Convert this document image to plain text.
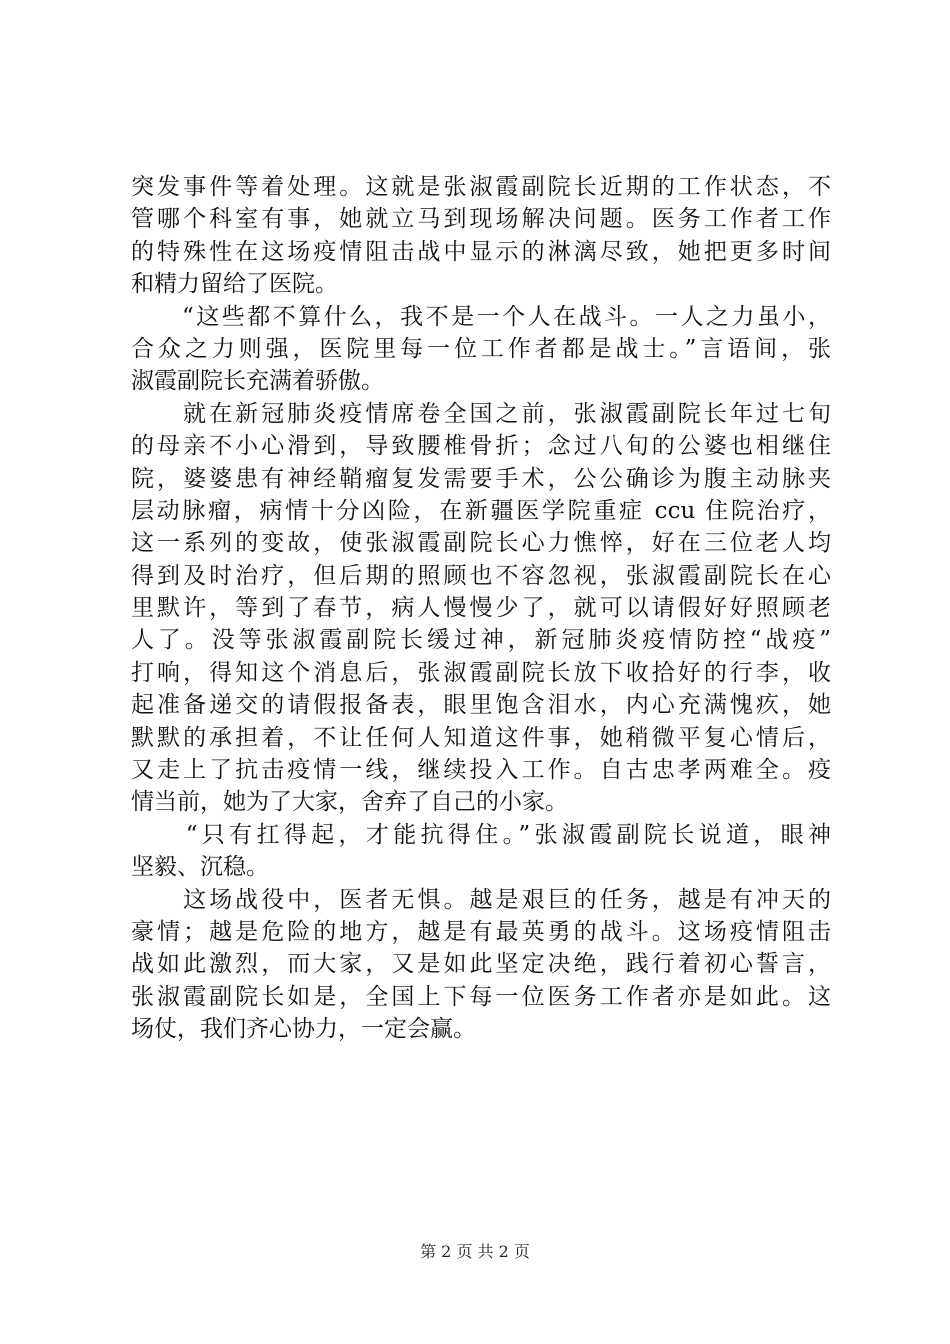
突发事件等着处理。这就是张淑霞副院长近期的工作状态，不
管哪个科室有事，她就立马到现场解决问题。医务工作者工作
的特殊性在这场疫情阻击战中显示的淋漓尽致，她把更多时间
和精力留给了医院。
　　“这些都不算什么，我不是一个人在战斗。一人之力虽小，
合众之力则强，医院里每一位工作者都是战士。”言语间，张
淑霞副院长充满着骄傲。
　　就在新冠肺炎疫情席卷全国之前，张淑霞副院长年过七旬
的母亲不小心滑到，导致腰椎骨折；念过八旬的公婆也相继住
院，婆婆患有神经鞘瘤复发需要手术，公公确诊为腹主动脉夹
层动脉瘤，病情十分凶险，在新疆医学院重症 ccu 住院治疗，
这一系列的变故，使张淑霞副院长心力憔悴，好在三位老人均
得到及时治疗，但后期的照顾也不容忽视，张淑霞副院长在心
里默许，等到了春节，病人慢慢少了，就可以请假好好照顾老
人了。没等张淑霞副院长缓过神，新冠肺炎疫情防控“战疫”
打响，得知这个消息后，张淑霞副院长放下收拾好的行李，收
起准备递交的请假报备表，眼里饱含泪水，内心充满愧疚，她
默默的承担着，不让任何人知道这件事，她稍微平复心情后，
又走上了抗击疫情一线，继续投入工作。自古忠孝两难全。疫
情当前，她为了大家，舍弃了自己的小家。
　　“只有扛得起，才能抗得住。”张淑霞副院长说道，眼神
坚毅、沉稳。
　　这场战役中，医者无惧。越是艰巨的任务，越是有冲天的
豪情；越是危险的地方，越是有最英勇的战斗。这场疫情阻击
战如此激烈，而大家，又是如此坚定决绝，践行着初心誓言，
张淑霞副院长如是，全国上下每一位医务工作者亦是如此。这
场仗，我们齐心协力，一定会赢。
第 2 页 共 2 页
